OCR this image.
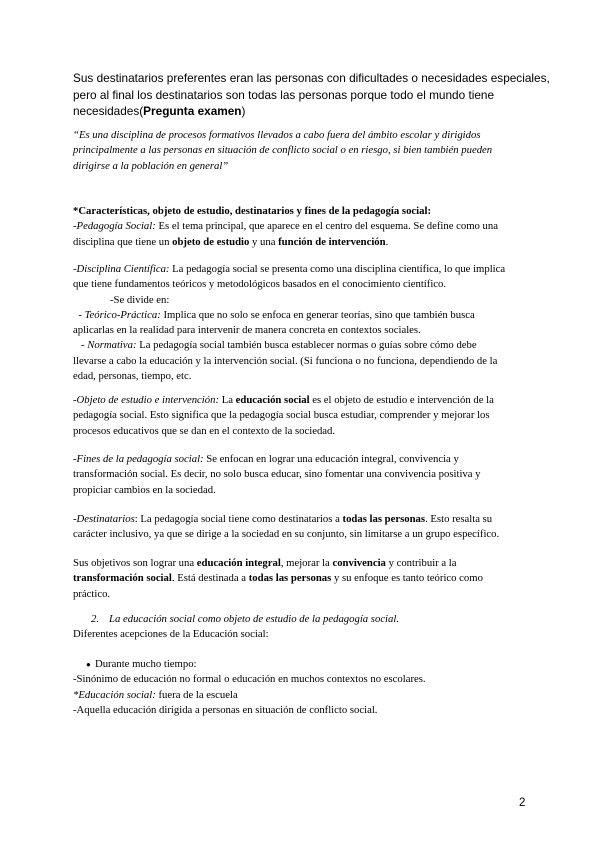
Sus destinatarios preferentes eran las personas con dificultades o necesidades especiales,
pero al final los destinatarios son todas las personas porque todo el mundo tiene
necesidades(Pregunta examen)
“Es una disciplina de procesos formativos llevados a cabo fuera del ámbito escolar y dirigidos
principalmente a las personas en situación de conflicto social o en riesgo, si bien también pueden
dirigirse a la población en general”
*Características, objeto de estudio, destinatarios y fines de la pedagogía social:
-Pedagogía Social: Es el tema principal, que aparece en el centro del esquema. Se define como una
disciplina que tiene un objeto de estudio y una función de intervención.
-Disciplina Científica: La pedagogía social se presenta como una disciplina científica, lo que implica
que tiene fundamentos teóricos y metodológicos basados en el conocimiento científico.
-Se divide en:
- Teórico-Práctica: Implica que no solo se enfoca en generar teorías, sino que también busca
aplicarlas en la realidad para intervenir de manera concreta en contextos sociales.
- Normativa: La pedagogía social también busca establecer normas o guías sobre cómo debe
llevarse a cabo la educación y la intervención social. (Si funciona o no funciona, dependiendo de la
edad, personas, tiempo, etc.
-Objeto de estudio e intervención: La educación social es el objeto de estudio e intervención de la
pedagogía social. Esto significa que la pedagogía social busca estudiar, comprender y mejorar los
procesos educativos que se dan en el contexto de la sociedad.
-Fines de la pedagogía social: Se enfocan en lograr una educación integral, convivencia y
transformación social. Es decir, no solo busca educar, sino fomentar una convivencia positiva y
propiciar cambios en la sociedad.
-Destinatarios: La pedagogía social tiene como destinatarios a todas las personas. Esto resalta su
carácter inclusivo, ya que se dirige a la sociedad en su conjunto, sin limitarse a un grupo específico.
Sus objetivos son lograr una educación integral, mejorar la convivencia y contribuir a la
transformación social. Está destinada a todas las personas y su enfoque es tanto teórico como
práctico.
2. La educación social como objeto de estudio de la pedagogía social.
Diferentes acepciones de la Educación social:
● Durante mucho tiempo:
-Sinónimo de educación no formal o educación en muchos contextos no escolares.
*Educación social: fuera de la escuela
-Aquella educación dirigida a personas en situación de conflicto social.
2
